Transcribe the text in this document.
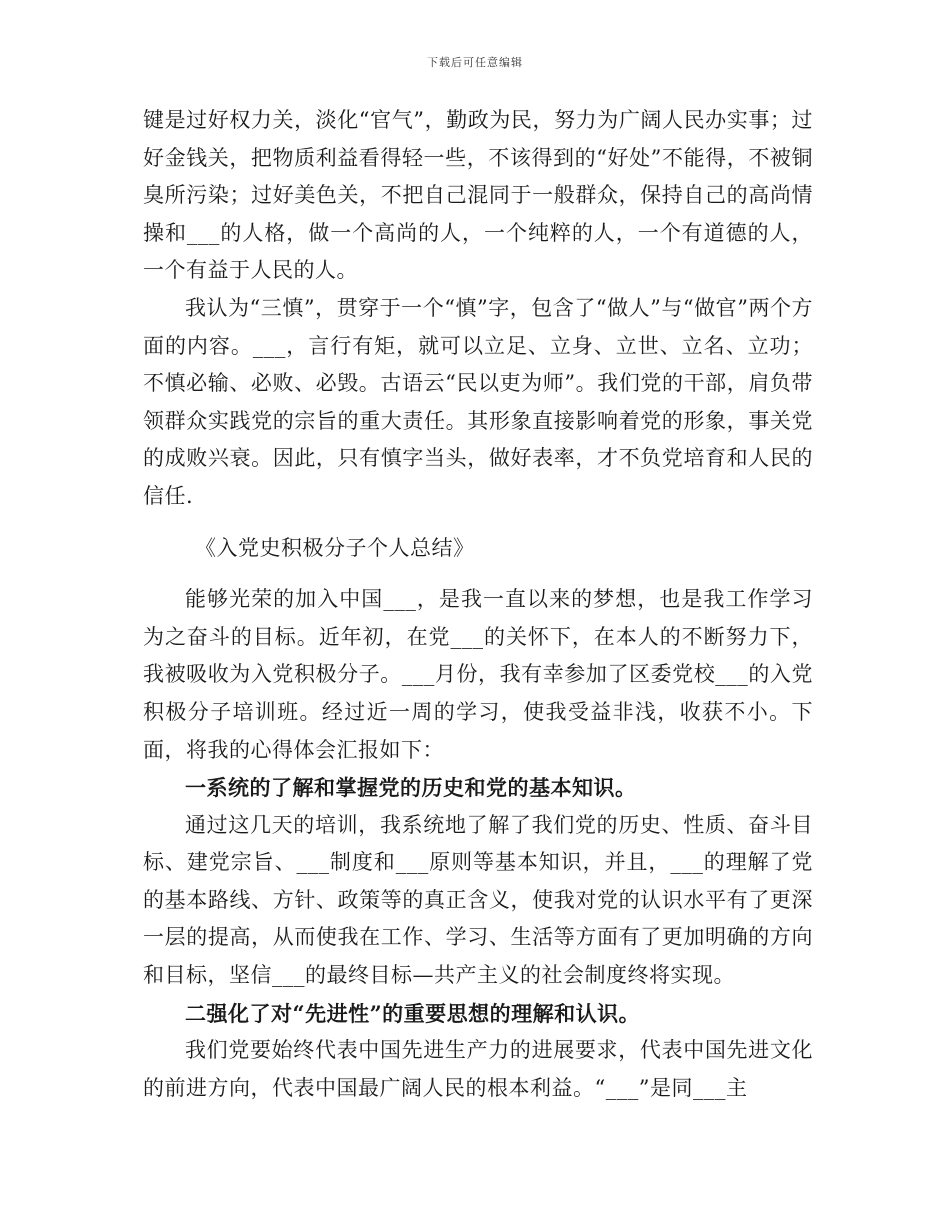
下载后可任意编辑

键是过好权力关，淡化“官气”，勤政为民，努力为广阔人民办实事；过好金钱关，把物质利益看得轻一些，不该得到的“好处”不能得，不被铜臭所污染；过好美色关，不把自己混同于一般群众，保持自己的高尚情操和___的人格，做一个高尚的人，一个纯粹的人，一个有道德的人，一个有益于人民的人。

我认为“三慎”，贯穿于一个“慎”字，包含了“做人”与“做官”两个方面的内容。___，言行有矩，就可以立足、立身、立世、立名、立功；不慎必输、必败、必毁。古语云“民以吏为师”。我们党的干部，肩负带领群众实践党的宗旨的重大责任。其形象直接影响着党的形象，事关党的成败兴衰。因此，只有慎字当头，做好表率，才不负党培育和人民的信任.

《入党史积极分子个人总结》

能够光荣的加入中国___，是我一直以来的梦想，也是我工作学习为之奋斗的目标。近年初，在党___的关怀下，在本人的不断努力下，我被吸收为入党积极分子。___月份，我有幸参加了区委党校___的入党积极分子培训班。经过近一周的学习，使我受益非浅，收获不小。下面，将我的心得体会汇报如下：

一系统的了解和掌握党的历史和党的基本知识。

通过这几天的培训，我系统地了解了我们党的历史、性质、奋斗目标、建党宗旨、___制度和___原则等基本知识，并且，___的理解了党的基本路线、方针、政策等的真正含义，使我对党的认识水平有了更深一层的提高，从而使我在工作、学习、生活等方面有了更加明确的方向和目标，坚信___的最终目标—共产主义的社会制度终将实现。

二强化了对“先进性”的重要思想的理解和认识。

我们党要始终代表中国先进生产力的进展要求，代表中国先进文化的前进方向，代表中国最广阔人民的根本利益。“___”是同___主
